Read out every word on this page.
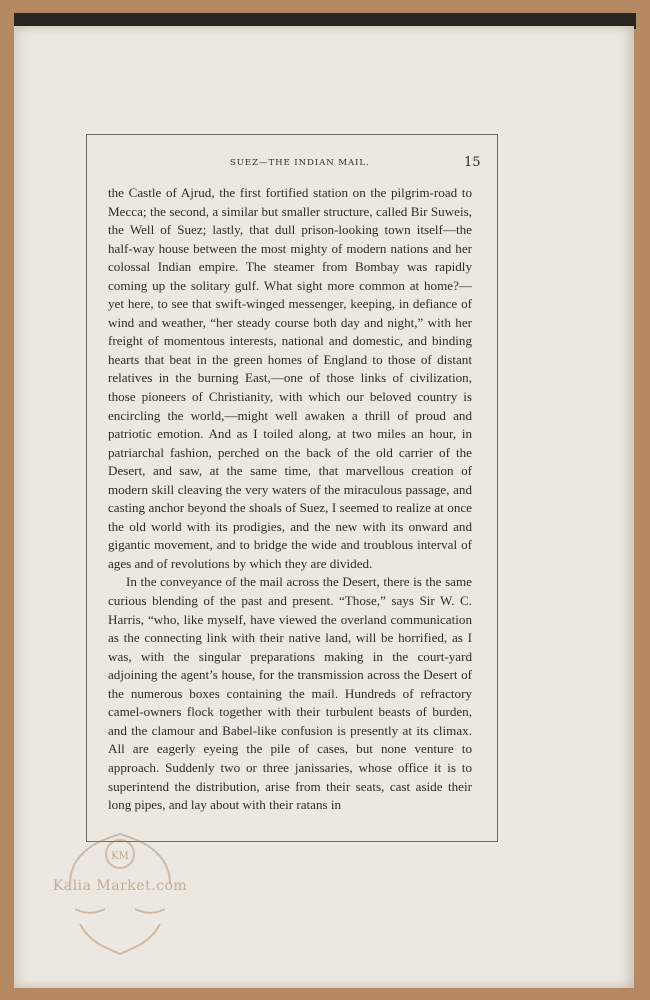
SUEZ—THE INDIAN MAIL.	15

the Castle of Ajrud, the first fortified station on the pilgrim-road to Mecca; the second, a similar but smaller structure, called Bir Suweis, the Well of Suez; lastly, that dull prison-looking town itself—the half-way house between the most mighty of modern nations and her colossal Indian empire. The steamer from Bombay was rapidly coming up the solitary gulf. What sight more common at home?—yet here, to see that swift-winged messenger, keeping, in defiance of wind and weather, “her steady course both day and night,” with her freight of momentous interests, national and domestic, and binding hearts that beat in the green homes of England to those of distant relatives in the burning East,—one of those links of civilization, those pioneers of Christianity, with which our beloved country is encircling the world,—might well awaken a thrill of proud and patriotic emotion. And as I toiled along, at two miles an hour, in patriarchal fashion, perched on the back of the old carrier of the Desert, and saw, at the same time, that marvellous creation of modern skill cleaving the very waters of the miraculous passage, and casting anchor beyond the shoals of Suez, I seemed to realize at once the old world with its prodigies, and the new with its onward and gigantic movement, and to bridge the wide and troublous interval of ages and of revolutions by which they are divided.

In the conveyance of the mail across the Desert, there is the same curious blending of the past and present. “Those,” says Sir W. C. Harris, “who, like myself, have viewed the overland communication as the connecting link with their native land, will be horrified, as I was, with the singular preparations making in the court-yard adjoining the agent’s house, for the transmission across the Desert of the numerous boxes containing the mail. Hundreds of refractory camel-owners flock together with their turbulent beasts of burden, and the clamour and Babel-like confusion is presently at its climax. All are eagerly eyeing the pile of cases, but none venture to approach. Suddenly two or three janissaries, whose office it is to superintend the distribution, arise from their seats, cast aside their long pipes, and lay about with their ratans in

KM
Kalia Market.com
